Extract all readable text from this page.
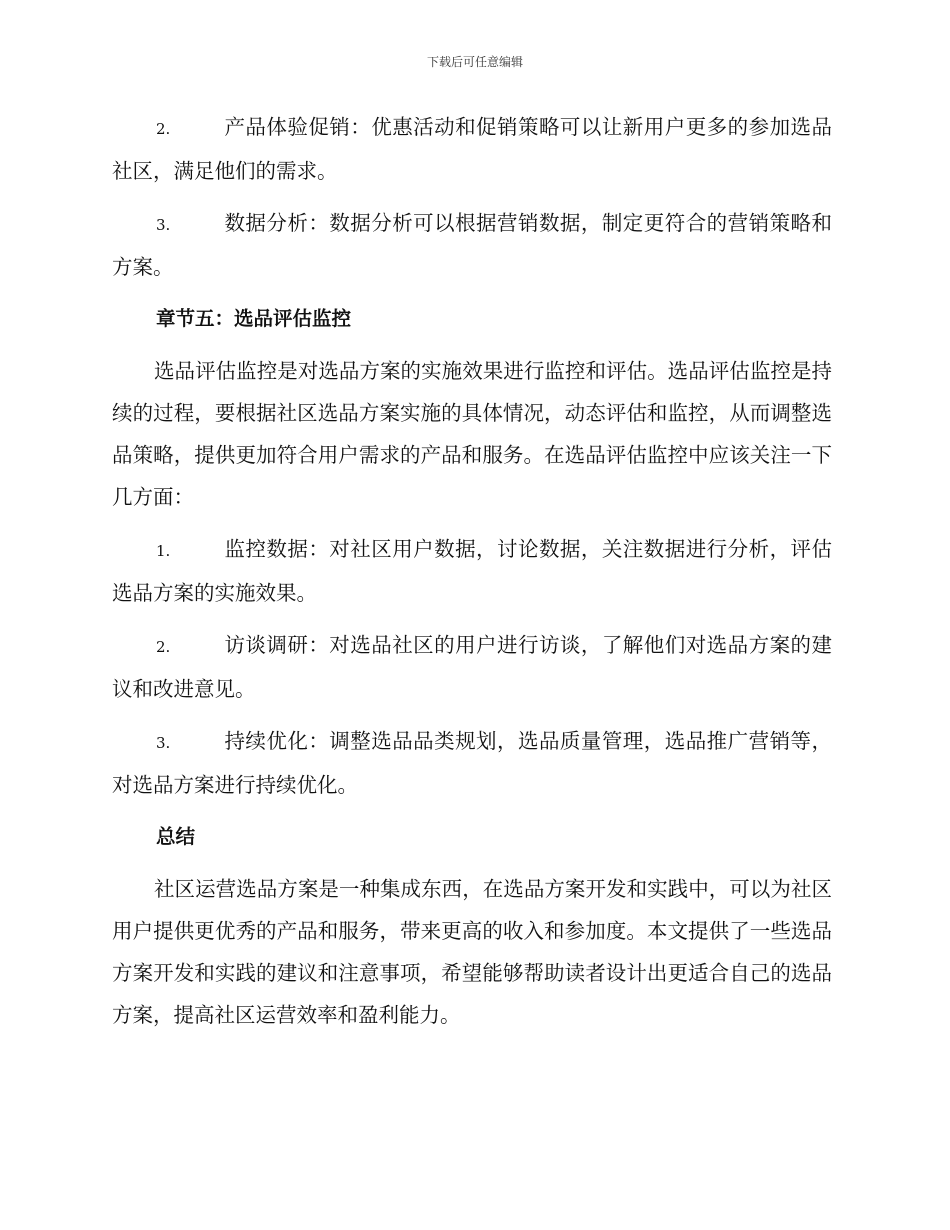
下载后可任意编辑

2.	产品体验促销：优惠活动和促销策略可以让新用户更多的参加选品社区，满足他们的需求。

3.	数据分析：数据分析可以根据营销数据，制定更符合的营销策略和方案。

章节五：选品评估监控

选品评估监控是对选品方案的实施效果进行监控和评估。选品评估监控是持续的过程，要根据社区选品方案实施的具体情况，动态评估和监控，从而调整选品策略，提供更加符合用户需求的产品和服务。在选品评估监控中应该关注一下几方面：

1.	监控数据：对社区用户数据，讨论数据，关注数据进行分析，评估选品方案的实施效果。

2.	访谈调研：对选品社区的用户进行访谈，了解他们对选品方案的建议和改进意见。

3.	持续优化：调整选品品类规划，选品质量管理，选品推广营销等，对选品方案进行持续优化。

总结

社区运营选品方案是一种集成东西，在选品方案开发和实践中，可以为社区用户提供更优秀的产品和服务，带来更高的收入和参加度。本文提供了一些选品方案开发和实践的建议和注意事项，希望能够帮助读者设计出更适合自己的选品方案，提高社区运营效率和盈利能力。
